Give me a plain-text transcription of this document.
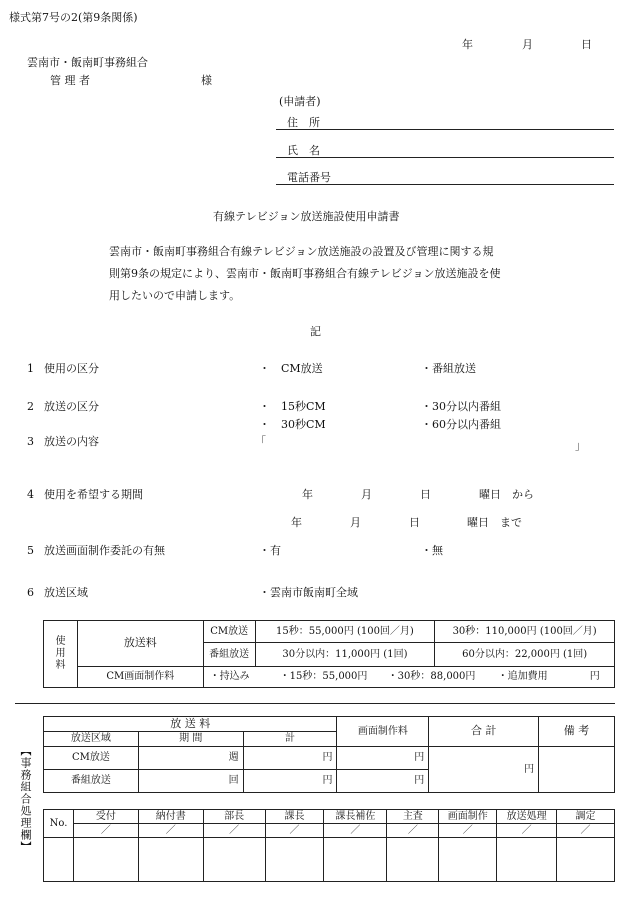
様式第7号の2(第9条関係)
年	月	日
雲南市・飯南町事務組合
管 理 者	様
(申請者)
住　所
氏　名
電話番号
有線テレビジョン放送施設使用申請書
雲南市・飯南町事務組合有線テレビジョン放送施設の設置及び管理に関する規
則第9条の規定により、雲南市・飯南町事務組合有線テレビジョン放送施設を使
用したいので申請します。
記
1 使用の区分	・　CM放送	・番組放送
2 放送の区分	・　15秒CM	・30分以内番組
・　30秒CM	・60分以内番組
3 放送の内容	「	」
4 使用を希望する期間	年	月	日	曜日 から
年	月	日	曜日 まで
5 放送画面制作委託の有無	・有	・無
6 放送区域	・雲南市飯南町全域
使用料	放送料	CM放送	15秒：55,000円 (100回／月)	30秒：110,000円 (100回／月)
		番組放送	30分以内：11,000円 (1回)	60分以内：22,000円 (1回)
	CM画面制作料	・持込み ・15秒：55,000円 ・30秒：88,000円 ・追加費用 円		
【事務組合処理欄】
放 送 料			画面制作料	合 計	備 考
放送区域	期 間	計			
CM放送	週	円	円	円	
番組放送	回	円	円		
No.	受付	納付書	部長	課長	課長補佐	主査	画面制作	放送処理	調定
	／	／	／	／	／	／	／	／	／
